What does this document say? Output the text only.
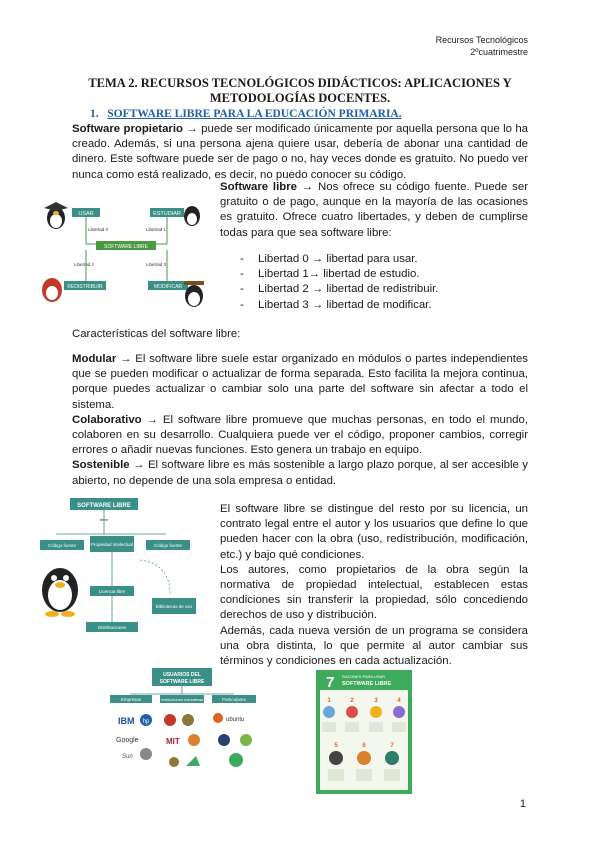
Recursos Tecnológicos
2ºcuatrimestre
TEMA 2. RECURSOS TECNOLÓGICOS DIDÁCTICOS: APLICACIONES Y
METODOLOGÍAS DOCENTES.
1. SOFTWARE LIBRE PARA LA EDUCACIÓN PRIMARIA.
Software propietario → puede ser modificado únicamente por aquella persona que lo ha creado. Además, si una persona ajena quiere usar, debería de abonar una cantidad de dinero. Este software puede ser de pago o no, hay veces donde es gratuito. No puedo ver nunca como está realizado, es decir, no puedo conocer su código.
USAR	ESTUDIAR
Libertad 0	Libertad 1
SOFTWARE LIBRE
Libertad 2	Libertad 3
REDISTRIBUIR	MODIFICAR
Software libre → Nos ofrece su código fuente. Puede ser gratuito o de pago, aunque en la mayoría de las ocasiones es gratuito. Ofrece cuatro libertades, y deben de cumplirse todas para que sea software libre:
- Libertad 0 → libertad para usar.
- Libertad 1→ libertad de estudio.
- Libertad 2 → libertad de redistribuir.
- Libertad 3 → libertad de modificar.
Características del software libre:
Modular → El software libre suele estar organizado en módulos o partes independientes que se pueden modificar o actualizar de forma separada. Esto facilita la mejora continua, porque puedes actualizar o cambiar solo una parte del software sin afectar a todo el sistema.
Colaborativo → El software libre promueve que muchas personas, en todo el mundo, colaboren en su desarrollo. Cualquiera puede ver el código, proponer cambios, corregir errores o añadir nuevas funciones. Esto genera un trabajo en equipo.
Sostenible → El software libre es más sostenible a largo plazo porque, al ser accesible y abierto, no depende de una sola empresa o entidad.
SOFTWARE LIBRE
tiene
Código fuente	Propiedad intelectual	Código fuente
Licencia libre
Bibliotecas de uso
Distribuciones
El software libre se distingue del resto por su licencia, un contrato legal entre el autor y los usuarios que define lo que pueden hacer con la obra (uso, redistribución, modificación, etc.) y bajo qué condiciones.
Los autores, como propietarios de la obra según la normativa de propiedad intelectual, establecen estas condiciones sin transferir la propiedad, sólo concediendo derechos de uso y distribución.
Además, cada nueva versión de un programa se considera una obra distinta, lo que permite al autor cambiar sus términos y condiciones en cada actualización.
USUARIOS DEL
SOFTWARE LIBRE
Empresas	Instituciones educativas	Particulares
IBM hp
Google
Sun
MIT
ubuntu
7 RAZONES PARA USAR
SOFTWARE LIBRE
1	2	3	4
5	6	7
1
